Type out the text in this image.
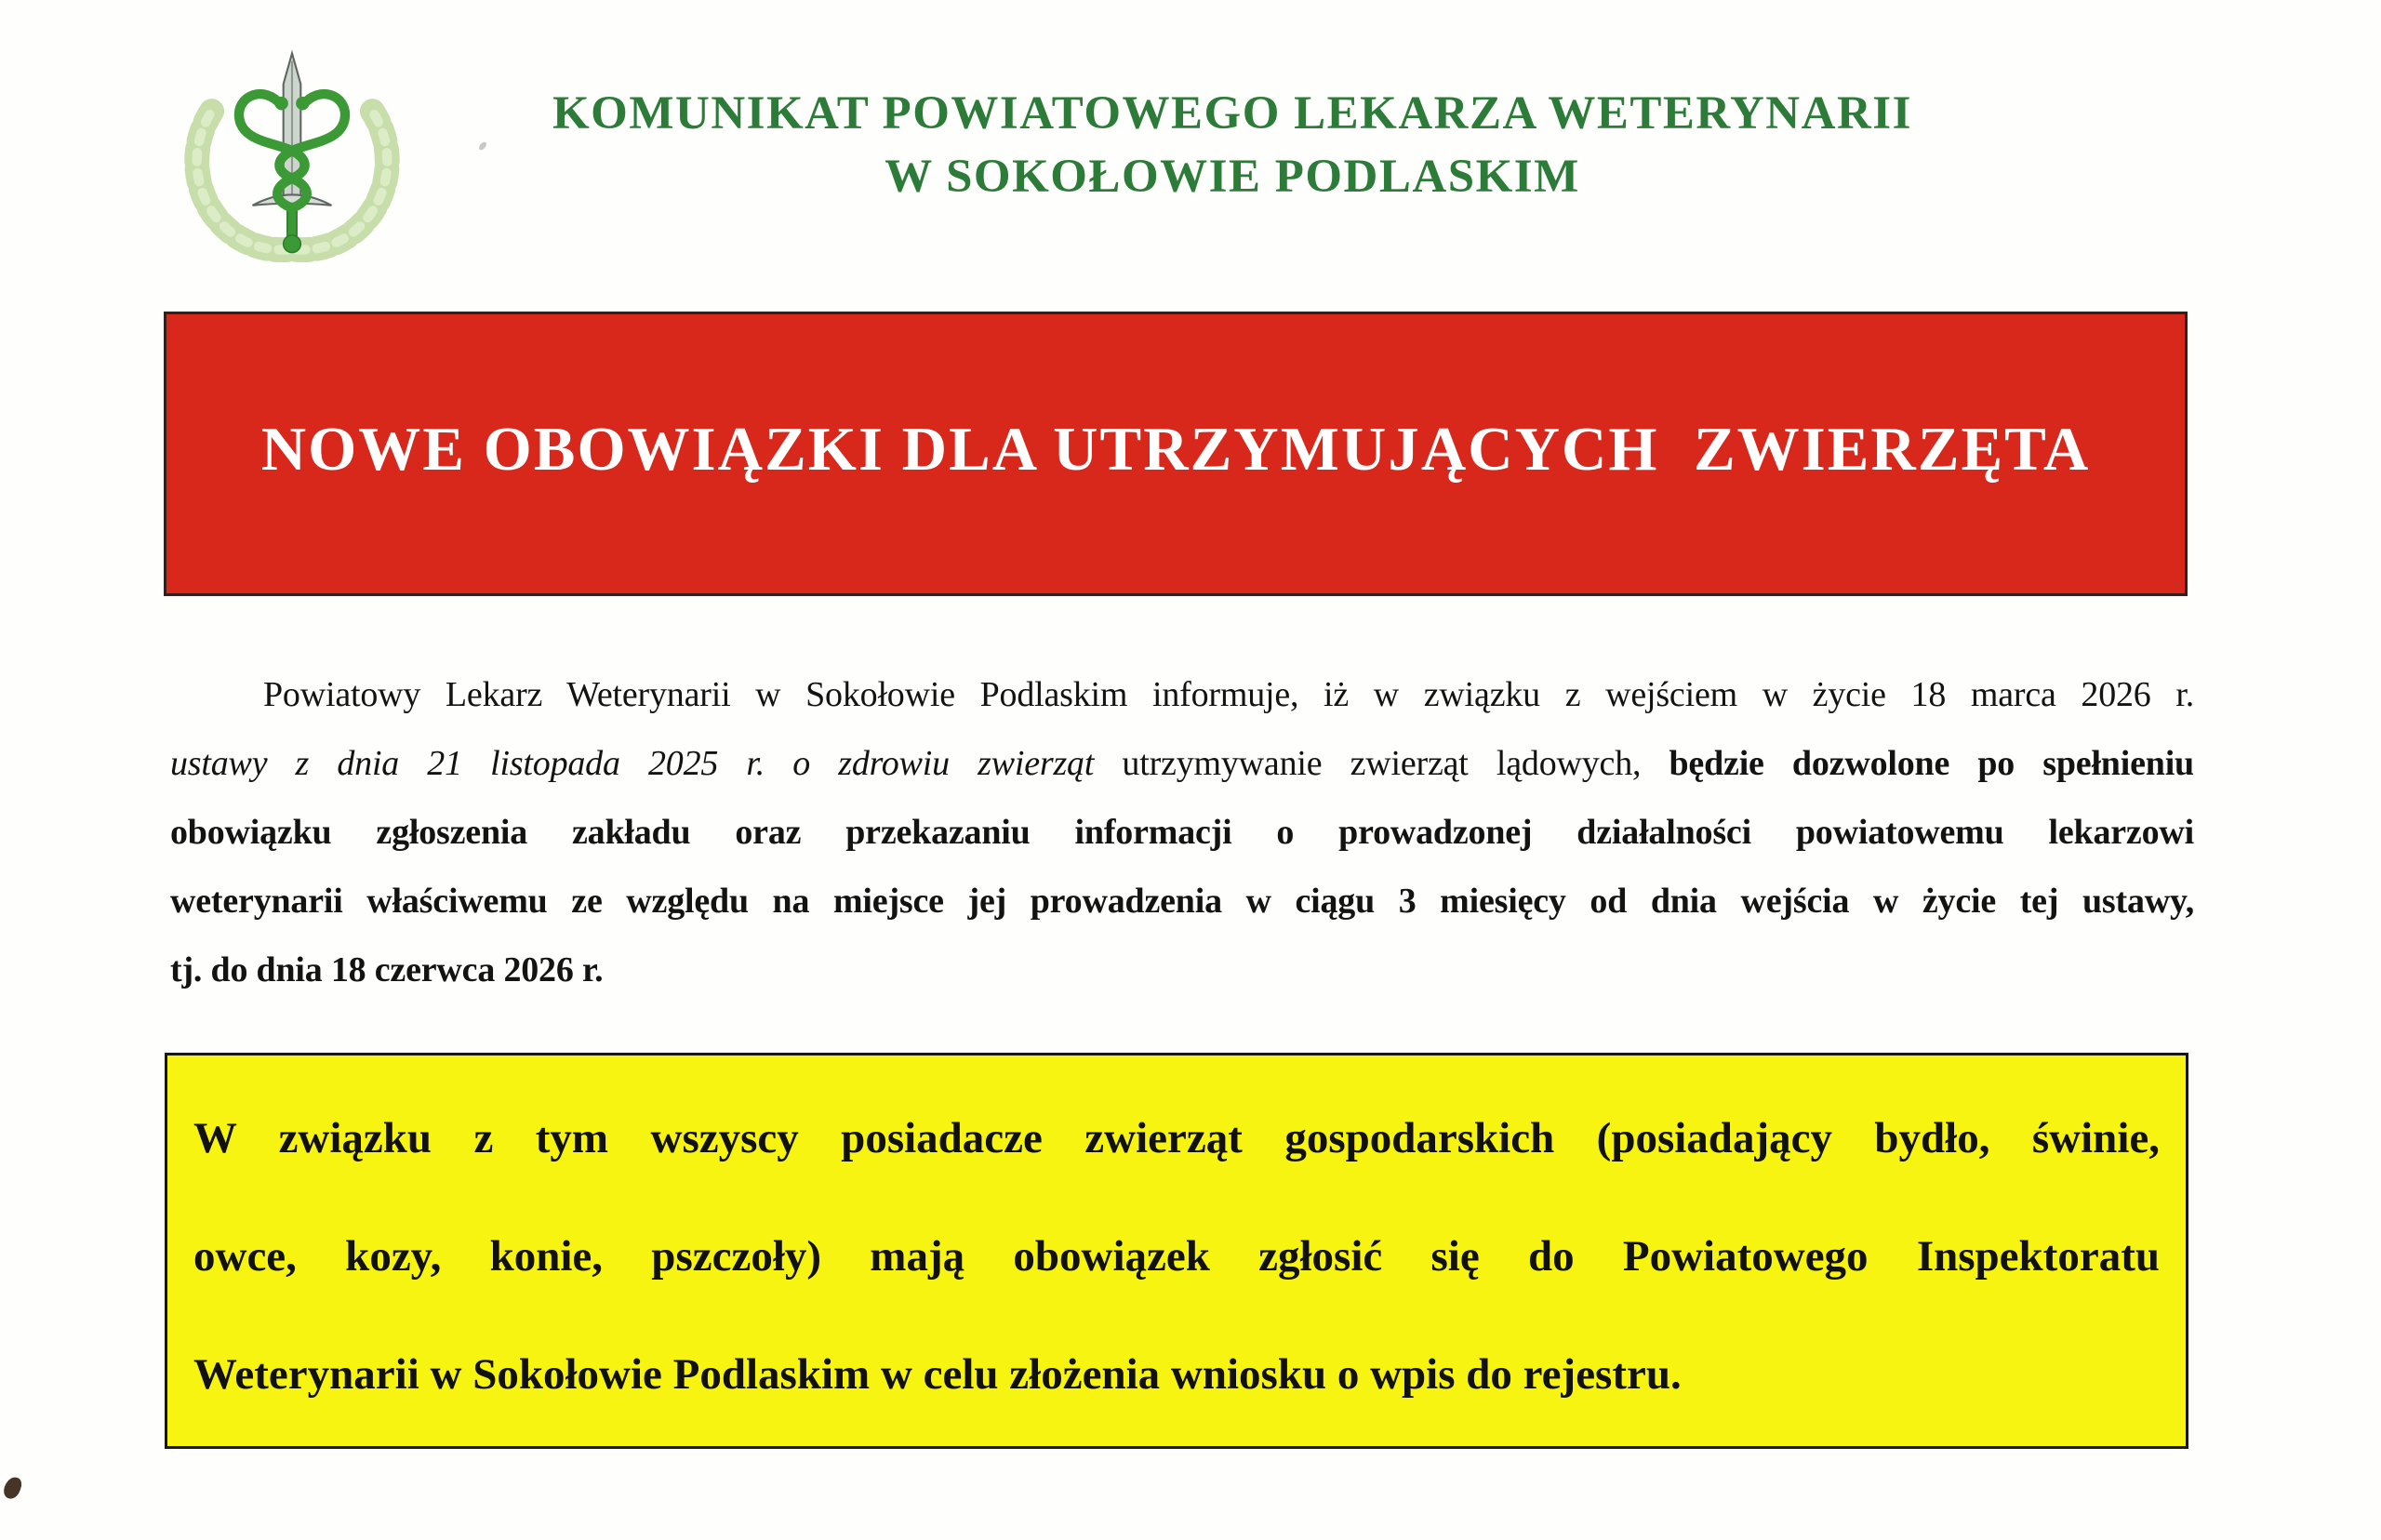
KOMUNIKAT POWIATOWEGO LEKARZA WETERYNARII
W SOKOŁOWIE PODLASKIM
NOWE OBOWIĄZKI DLA UTRZYMUJĄCYCH  ZWIERZĘTA
Powiatowy Lekarz Weterynarii w Sokołowie Podlaskim informuje, iż w związku z wejściem w życie 18 marca 2026 r.
ustawy z dnia 21 listopada 2025 r. o zdrowiu zwierząt utrzymywanie zwierząt lądowych, będzie dozwolone po spełnieniu
obowiązku zgłoszenia zakładu oraz przekazaniu informacji o prowadzonej działalności powiatowemu lekarzowi
weterynarii właściwemu ze względu na miejsce jej prowadzenia w ciągu 3 miesięcy od dnia wejścia w życie tej ustawy,
tj. do dnia 18 czerwca 2026 r.
W związku z tym wszyscy posiadacze zwierząt gospodarskich (posiadający bydło, świnie,
owce, kozy, konie, pszczoły) mają obowiązek zgłosić się do Powiatowego Inspektoratu
Weterynarii w Sokołowie Podlaskim w celu złożenia wniosku o wpis do rejestru.
